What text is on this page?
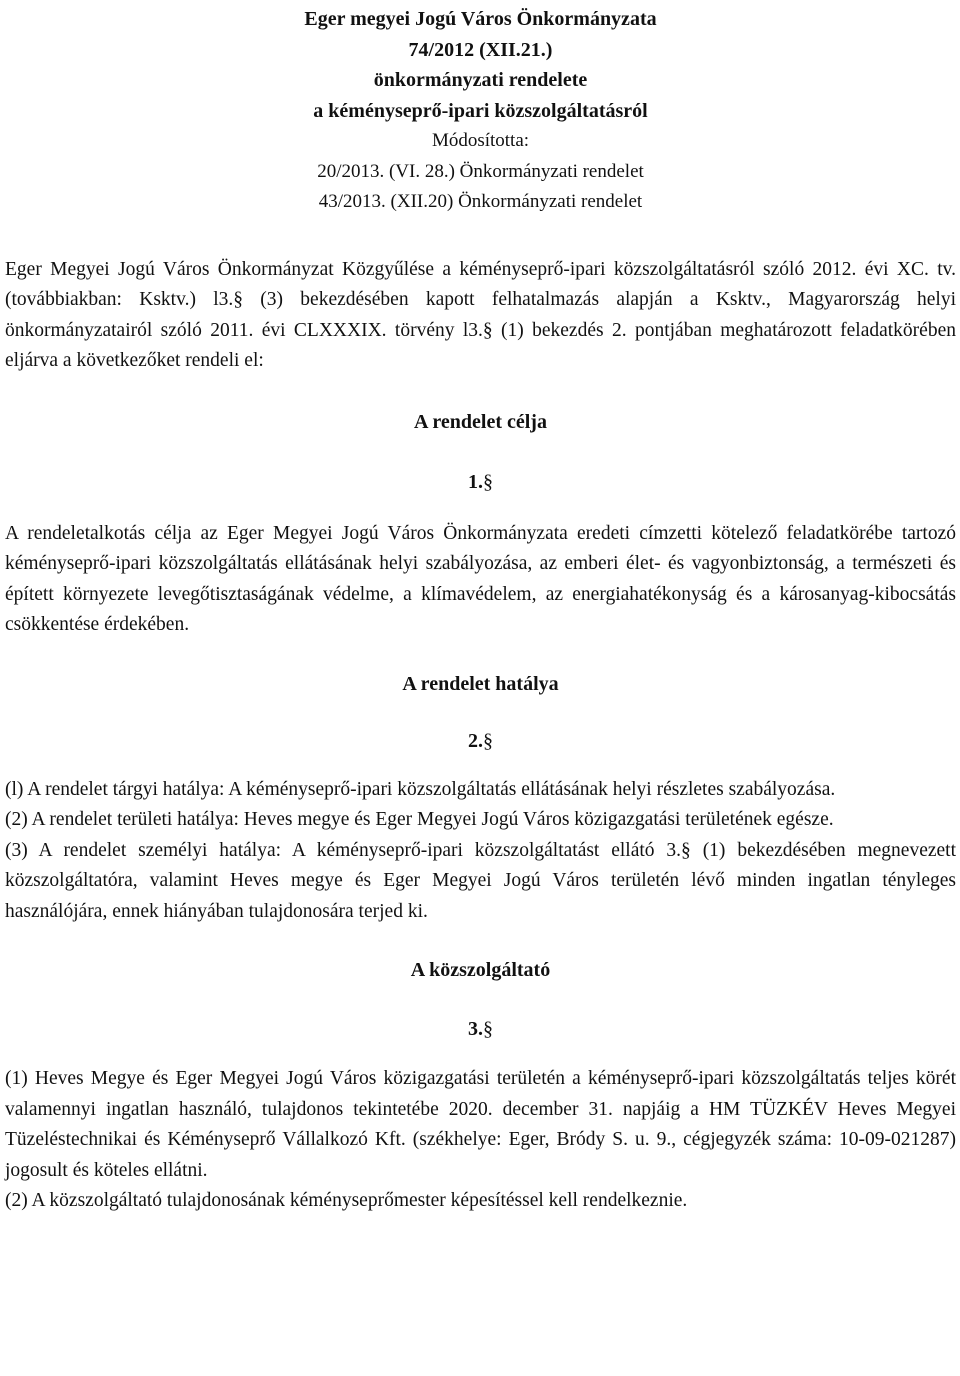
Eger megyei Jogú Város Önkormányzata
74/2012 (XII.21.)
önkormányzati rendelete
a kéményseprő-ipari közszolgáltatásról
Módosította:
20/2013. (VI. 28.) Önkormányzati rendelet
43/2013. (XII.20) Önkormányzati rendelet

Eger Megyei Jogú Város Önkormányzat Közgyűlése a kéményseprő-ipari közszolgáltatásról szóló 2012. évi XC. tv. (továbbiakban: Ksktv.) l3.§ (3) bekezdésében kapott felhatalmazás alapján a Ksktv., Magyarország helyi önkormányzatairól szóló 2011. évi CLXXXIX. törvény l3.§ (1) bekezdés 2. pontjában meghatározott feladatkörében eljárva a következőket rendeli el:

A rendelet célja
1.§

A rendeletalkotás célja az Eger Megyei Jogú Város Önkormányzata eredeti címzetti kötelező feladatkörébe tartozó kéményseprő-ipari közszolgáltatás ellátásának helyi szabályozása, az emberi élet- és vagyonbiztonság, a természeti és épített környezete levegőtisztaságának védelme, a klímavédelem, az energiahatékonyság és a károsanyag-kibocsátás csökkentése érdekében.

A rendelet hatálya
2.§

(l) A rendelet tárgyi hatálya: A kéményseprő-ipari közszolgáltatás ellátásának helyi részletes szabályozása.

(2) A rendelet területi hatálya: Heves megye és Eger Megyei Jogú Város közigazgatási területének egésze.

(3) A rendelet személyi hatálya: A kéményseprő-ipari közszolgáltatást ellátó 3.§ (1) bekezdésében megnevezett közszolgáltatóra, valamint Heves megye és Eger Megyei Jogú Város területén lévő minden ingatlan tényleges használójára, ennek hiányában tulajdonosára terjed ki.

A közszolgáltató
3.§

(1) Heves Megye és Eger Megyei Jogú Város közigazgatási területén a kéményseprő-ipari közszolgáltatás teljes körét valamennyi ingatlan használó, tulajdonos tekintetébe 2020. december 31. napjáig a HM TÜZKÉV Heves Megyei Tüzeléstechnikai és Kéményseprő Vállalkozó Kft. (székhelye: Eger, Bródy S. u. 9., cégjegyzék száma: 10-09-021287) jogosult és köteles ellátni.

(2) A közszolgáltató tulajdonosának kéményseprőmester képesítéssel kell rendelkeznie.
